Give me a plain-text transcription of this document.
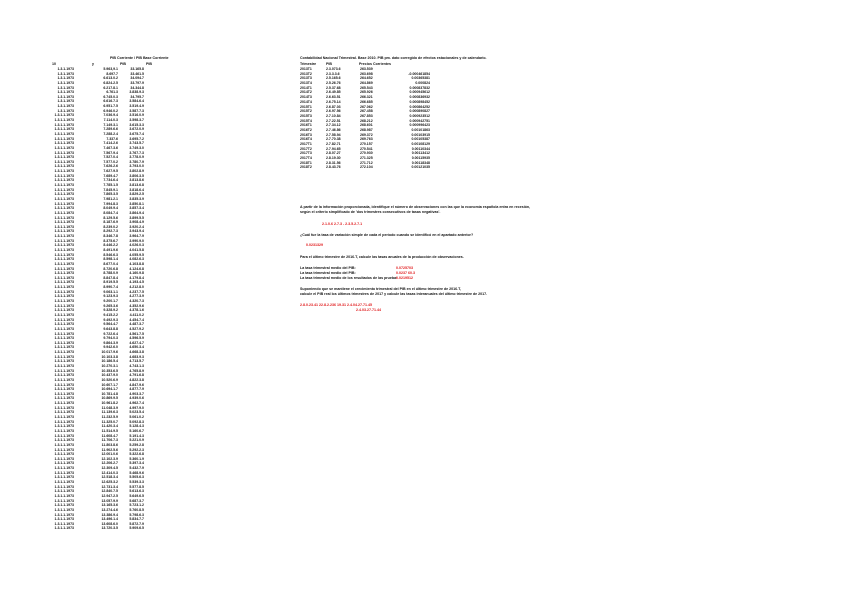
PIB Corriente / PIB Base Corriente
10	y	PIB	PIB
1.3.1.1973	5.963,9.1	33.165.8
1.3.1.1973	8.697.7	33.461.5
1.3.1.1973	6.613.0.2	34.094.7
1.3.1.1973	6.824.2.5	33.797.9
1.3.1.1973	6.217.8.1	34.344.8
1.3.1.1973	6.761.3	3.838.9.3
1.3.1.1973	6.745.0.3	34.795.7
1.3.1.1973	6.616.7.3	3.584.6.4
1.3.1.1973	6.951.7.5	3.519.4.9
1.3.1.1973	6.946.0.2	3.587.7.3
1.3.1.1.1973	7.036.9.4	3.516.0.9
1.3.1.1.1973	7.114.0.3	3.598.3.7
1.3.1.1.1973	7.149.3.1	3.615.3.3
1.3.1.1.1973	7.289.6.6	3.672.0.9
1.3.1.1.1973	7.288.2.4	3.675.7.4
1.3.1.1.1973	7.337.6	3.695.7.2
1.3.1.1.1973	7.414.2.6	3.743.5.7
1.3.1.1.1973	7.467.3.6	3.749.3.0
1.3.1.1.1973	7.567.9.4	3.767.7.3
1.3.1.1.1973	7.527.0.4	3.778.0.9
1.3.1.1.1973	7.577.0.2	3.780.7.9
1.3.1.1.1973	7.626.2.6	3.793.0.0
1.3.1.1.1973	7.627.9.5	3.802.8.9
1.3.1.1.1973	7.689.4.7	3.806.3.5
1.3.1.1.1973	7.734.6.4	3.813.8.6
1.3.1.1.1973	7.785.1.5	3.813.6.8
1.3.1.1.1973	7.845.9.1	3.818.6.4
1.3.1.1.1973	7.865.3.5	3.829.2.5
1.3.1.1.1973	7.981.2.1	3.835.3.9
1.3.1.1.1973	7.994.8.3	3.850.8.1
1.3.1.1.1973	8.049.9.4	3.857.3.4
1.3.1.1.1973	8.084.7.4	3.864.9.4
1.3.1.1.1973	8.129.5.6	3.899.5.5
1.3.1.1.1973	8.187.6.9	3.908.4.9
1.3.1.1.1973	8.239.0.2	3.920.2.4
1.3.1.1.1973	8.292.7.3	3.943.9.4
1.3.1.1.1973	8.346.7.8	3.964.7.9
1.3.1.1.1973	8.375.6.7	3.990.9.0
1.3.1.1.1973	8.446.2.2	4.026.0.3
1.3.1.1.1973	8.491.9.6	4.041.5.8
1.3.1.1.1973	8.546.6.3	4.055.9.5
1.3.1.1.1973	8.598.1.4	4.082.6.3
1.3.1.1.1973	8.677.0.4	4.103.8.8
1.3.1.1.1973	8.720.6.8	4.124.6.8
1.3.1.1.1973	8.788.0.9	4.160.9.8
1.3.1.1.1973	8.847.8.4	4.179.8.4
1.3.1.1.1973	8.919.5.5	4.193.4.5
1.3.1.1.1973	8.990.7.4	4.212.8.0
1.3.1.1.1973	9.063.1.1	4.237.7.5
1.3.1.1.1973	9.123.9.3	4.277.3.9
1.3.1.1.1973	9.200.1.7	4.320.7.3
1.3.1.1.1973	9.265.3.6	4.352.9.6
1.3.1.1.1973	9.328.9.2	4.378.1.6
1.3.1.1.1973	9.415.2.2	4.411.0.2
1.3.1.1.1973	9.492.9.3	4.454.7.4
1.3.1.1.1973	9.564.4.7	4.487.3.7
1.3.1.1.1973	9.643.8.8	4.527.9.2
1.3.1.1.1973	9.722.6.4	4.561.7.5
1.3.1.1.1973	9.794.0.3	4.596.5.9
1.3.1.1.1973	9.864.3.9	4.627.4.7
1.3.1.1.1973	9.942.6.0	4.650.3.4
1.3.1.1.1973	10.017.9.6	4.668.3.8
1.3.1.1.1973	10.103.3.8	4.683.9.3
1.3.1.1.1973	10.186.5.4	4.713.5.7
1.3.1.1.1973	10.270.3.1	4.743.1.3
1.3.1.1.1973	10.353.6.5	4.765.8.9
1.3.1.1.1973	10.437.9.0	4.791.6.8
1.3.1.1.1973	10.520.6.9	4.822.3.8
1.3.1.1.1973	10.607.1.7	4.847.9.6
1.3.1.1.1973	10.694.1.7	4.877.7.9
1.3.1.1.1973	10.781.4.8	4.903.3.7
1.3.1.1.1973	10.869.9.5	4.939.0.6
1.3.1.1.1973	10.961.8.2	4.962.7.4
1.3.1.1.1973	11.048.3.9	4.997.9.0
1.3.1.1.1973	11.139.6.3	5.023.5.4
1.3.1.1.1973	11.232.5.9	5.061.0.2
1.3.1.1.1973	11.325.0.7	5.092.8.3
1.3.1.1.1973	11.420.3.4	5.128.4.3
1.3.1.1.1973	11.514.9.5	5.160.6.7
1.3.1.1.1973	11.608.4.7	5.191.4.3
1.3.1.1.1973	11.706.7.3	5.221.0.9
1.3.1.1.1973	11.803.8.6	5.259.2.8
1.3.1.1.1973	11.902.5.6	5.292.2.3
1.3.1.1.1973	12.001.0.6	5.322.6.8
1.3.1.1.1973	12.102.3.9	5.360.1.9
1.3.1.1.1973	12.206.2.7	5.397.3.4
1.3.1.1.1973	12.309.4.5	5.432.7.9
1.3.1.1.1973	12.414.0.3	5.468.9.6
1.3.1.1.1973	12.518.3.4	5.505.6.3
1.3.1.1.1973	12.625.3.2	5.539.3.3
1.3.1.1.1973	12.731.3.4	5.577.8.5
1.3.1.1.1973	12.840.7.5	5.613.6.3
1.3.1.1.1973	12.947.2.5	5.649.6.5
1.3.1.1.1973	13.057.9.9	5.687.3.7
1.3.1.1.1973	13.165.3.6	5.723.1.2
1.3.1.1.1973	13.274.4.6	5.760.8.5
1.3.1.1.1973	13.386.9.4	5.798.6.3
1.3.1.1.1973	13.496.1.4	5.834.7.7
1.3.1.1.1973	13.608.6.0	5.872.7.9
1.3.1.1.1973	13.720.3.5	5.909.6.5
Contabilidad Nacional Trimestral. Base 2010. PIB pm. dato corregido de efectos estacionales y de calendario.
Trimestre	PIB	Precios Corrientes
2013T1	2.3.073.6	263.539
2013T2	2.3.3.3.6	263.698	-0.000461854
2013T3	2.5.165.6	264.652	0.00365381
2013T4	2.5.26.76	264.869	0.000824
2014T1	2.5.37.68	265.543	0.000837832
2014T2	2.6.49.85	265.926	0.000945612
2014T3	2.6.63.51	266.321	0.000836932
2014T4	2.6.75.14	266.685	0.000898452
2015T1	2.6.87.03	267.062	0.000864252
2015T2	2.6.97.56	267.458	0.000890827
2015T3	2.7.10.84	267.853	0.000923512
2015T4	2.7.22.51	268.212	0.000942751
2016T1	2.7.34.12	268.601	0.000996423
2016T2	2.7.46.86	268.987	0.00101863
2016T3	2.7.58.94	269.372	0.00103915
2016T4	2.7.70.38	269.763	0.00105387
2017T1	2.7.82.71	270.157	0.00108129
2017T2	2.7.94.65	270.541	0.00110344
2017T3	2.8.07.27	270.930	0.00113412
2017T4	2.8.19.30	271.325	0.00115935
2018T1	2.8.31.56	271.712	0.00118348
2018T2	2.8.43.76	272.104	0.00121035
A partir de la información proporcionada, identifique el número de observaciones con las que la economía española entra en recesión,
según el criterio simplificado de 'dos trimestres consecutivos de tasas negativas'.
2.1.0.6 2.7.3 - 2.3.5.2.7.1
¿Cuál fue la tasa de variación simple de cada el período cuando se identificó en el apartado anterior?
0.0231329
Para el último trimestre de 2016.T, calcule las tasas anuales de la producción de observaciones.
La tasa trimestral medio del PIB:	0.0725703
La tasa trimestral medio del PIB:	0.0237 60.3
La tasa trimestral medio de los resultados de las prueba:
0.0219512
Suponiendo que se mantiene el crecimiento trimestral del PIB en el último trimestre de 2016.T,
calcule el PIB real los últimos trimestres de 2017 y calcule las tasas interanuales del último trimestre de 2017.
2.8.0.23.41 22.8.2.236 19.31 2.4.04.27.71.45
2.4.03.27.71.44
